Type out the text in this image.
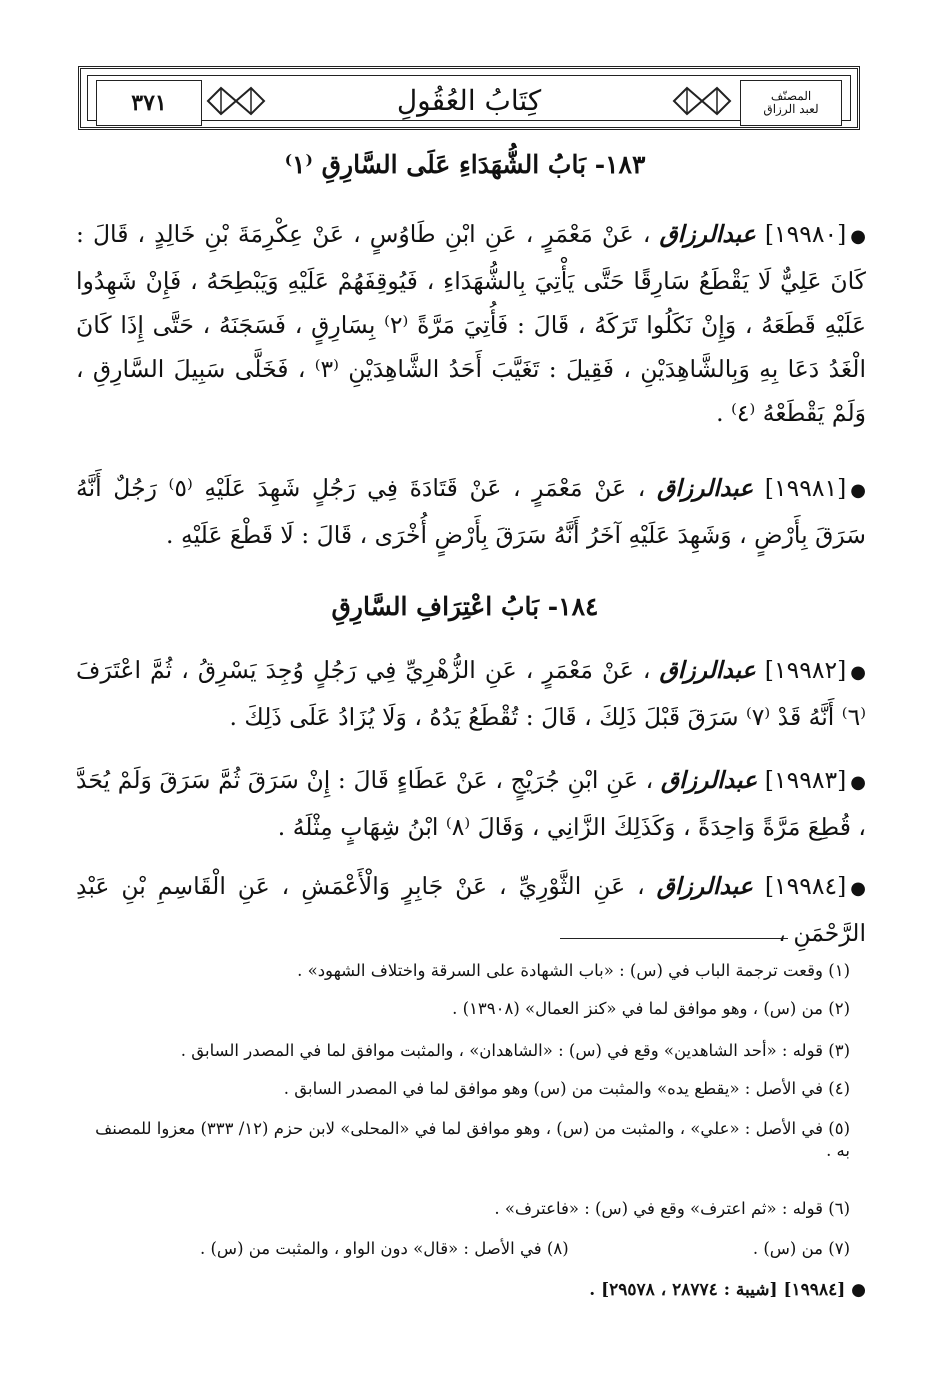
٣٧١	كِتَابُ العُقُولِ	المصنّف
لعبد الرزاق
١٨٣- بَابُ الشُّهَدَاءِ عَلَى السَّارِقِ ⁽١⁾
●[١٩٩٨٠] عبدالرزاق ، عَنْ مَعْمَرٍ ، عَنِ ابْنِ طَاوُسٍ ، عَنْ عِكْرِمَةَ بْنِ خَالِدٍ ، قَالَ : كَانَ عَلِيٌّ لَا يَقْطَعُ سَارِقًا حَتَّى يَأْتِيَ بِالشُّهَدَاءِ ، فَيُوقِفَهُمْ عَلَيْهِ وَيَبْطِحَهُ ، فَإِنْ شَهِدُوا عَلَيْهِ قَطَعَهُ ، وَإِنْ نَكَلُوا تَرَكَهُ ، قَالَ : فَأُتِيَ مَرَّةً ⁽٢⁾ بِسَارِقٍ ، فَسَجَنَهُ ، حَتَّى إِذَا كَانَ الْغَدُ دَعَا بِهِ وَبِالشَّاهِدَيْنِ ، فَقِيلَ : تَغَيَّبَ أَحَدُ الشَّاهِدَيْنِ ⁽٣⁾ ، فَخَلَّى سَبِيلَ السَّارِقِ ، وَلَمْ يَقْطَعْهُ ⁽٤⁾ .
●[١٩٩٨١] عبدالرزاق ، عَنْ مَعْمَرٍ ، عَنْ قَتَادَةَ فِي رَجُلٍ شَهِدَ عَلَيْهِ ⁽٥⁾ رَجُلٌ أَنَّهُ سَرَقَ بِأَرْضٍ ، وَشَهِدَ عَلَيْهِ آخَرُ أَنَّهُ سَرَقَ بِأَرْضٍ أُخْرَى ، قَالَ : لَا قَطْعَ عَلَيْهِ .
١٨٤- بَابُ اعْتِرَافِ السَّارِقِ
●[١٩٩٨٢] عبدالرزاق ، عَنْ مَعْمَرٍ ، عَنِ الزُّهْرِيِّ فِي رَجُلٍ وُجِدَ يَسْرِقُ ، ثُمَّ اعْتَرَفَ ⁽٦⁾ أَنَّهُ قَدْ ⁽٧⁾ سَرَقَ قَبْلَ ذَلِكَ ، قَالَ : تُقْطَعُ يَدُهُ ، وَلَا يُزَادُ عَلَى ذَلِكَ .
●[١٩٩٨٣] عبدالرزاق ، عَنِ ابْنِ جُرَيْجٍ ، عَنْ عَطَاءٍ قَالَ : إِنْ سَرَقَ ثُمَّ سَرَقَ وَلَمْ يُحَدَّ ، قُطِعَ مَرَّةً وَاحِدَةً ، وَكَذَلِكَ الزَّانِي ، وَقَالَ ⁽٨⁾ ابْنُ شِهَابٍ مِثْلَهُ .
●[١٩٩٨٤] عبدالرزاق ، عَنِ الثَّوْرِيِّ ، عَنْ جَابِرٍ وَالْأَعْمَشِ ، عَنِ الْقَاسِمِ بْنِ عَبْدِ الرَّحْمَنِ ،
(١) وقعت ترجمة الباب في (س) : «باب الشهادة على السرقة واختلاف الشهود» .
(٢) من (س) ، وهو موافق لما في «كنز العمال» (١٣٩٠٨) .
(٣) قوله : «أحد الشاهدين» وقع في (س) : «الشاهدان» ، والمثبت موافق لما في المصدر السابق .
(٤) في الأصل : «يقطع يده» والمثبت من (س) وهو موافق لما في المصدر السابق .
(٥) في الأصل : «علي» ، والمثبت من (س) ، وهو موافق لما في «المحلى» لابن حزم (١٢/ ٣٣٣) معزوا للمصنف به .
(٦) قوله : «ثم اعترف» وقع في (س) : «فاعترف» .
(٧) من (س) .
(٨) في الأصل : «قال» دون الواو ، والمثبت من (س) .
● [١٩٩٨٤] [شيبة : ٢٨٧٧٤ ، ٢٩٥٧٨] .
